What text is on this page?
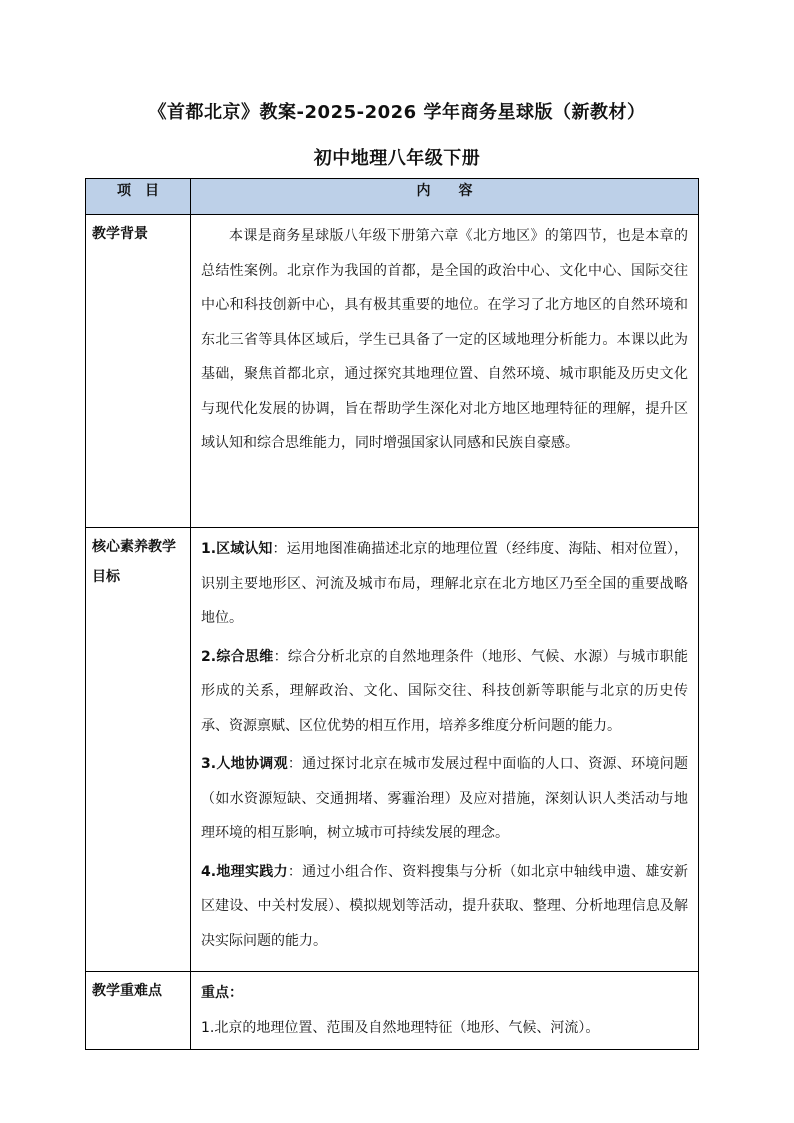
《首都北京》教案-2025-2026 学年商务星球版（新教材）
初中地理八年级下册
项　目	内　　容
教学背景	本课是商务星球版八年级下册第六章《北方地区》的第四节，也是本章的总结性案例。北京作为我国的首都，是全国的政治中心、文化中心、国际交往中心和科技创新中心，具有极其重要的地位。在学习了北方地区的自然环境和东北三省等具体区域后，学生已具备了一定的区域地理分析能力。本课以此为基础，聚焦首都北京，通过探究其地理位置、自然环境、城市职能及历史文化与现代化发展的协调，旨在帮助学生深化对北方地区地理特征的理解，提升区域认知和综合思维能力，同时增强国家认同感和民族自豪感。

核心素养教学目标	1.区域认知：运用地图准确描述北京的地理位置（经纬度、海陆、相对位置），识别主要地形区、河流及城市布局，理解北京在北方地区乃至全国的重要战略地位。

2.综合思维：综合分析北京的自然地理条件（地形、气候、水源）与城市职能形成的关系，理解政治、文化、国际交往、科技创新等职能与北京的历史传承、资源禀赋、区位优势的相互作用，培养多维度分析问题的能力。

3.人地协调观：通过探讨北京在城市发展过程中面临的人口、资源、环境问题（如水资源短缺、交通拥堵、雾霾治理）及应对措施，深刻认识人类活动与地理环境的相互影响，树立城市可持续发展的理念。

4.地理实践力：通过小组合作、资料搜集与分析（如北京中轴线申遗、雄安新区建设、中关村发展）、模拟规划等活动，提升获取、整理、分析地理信息及解决实际问题的能力。

教学重难点	重点：

1.北京的地理位置、范围及自然地理特征（地形、气候、河流）。
